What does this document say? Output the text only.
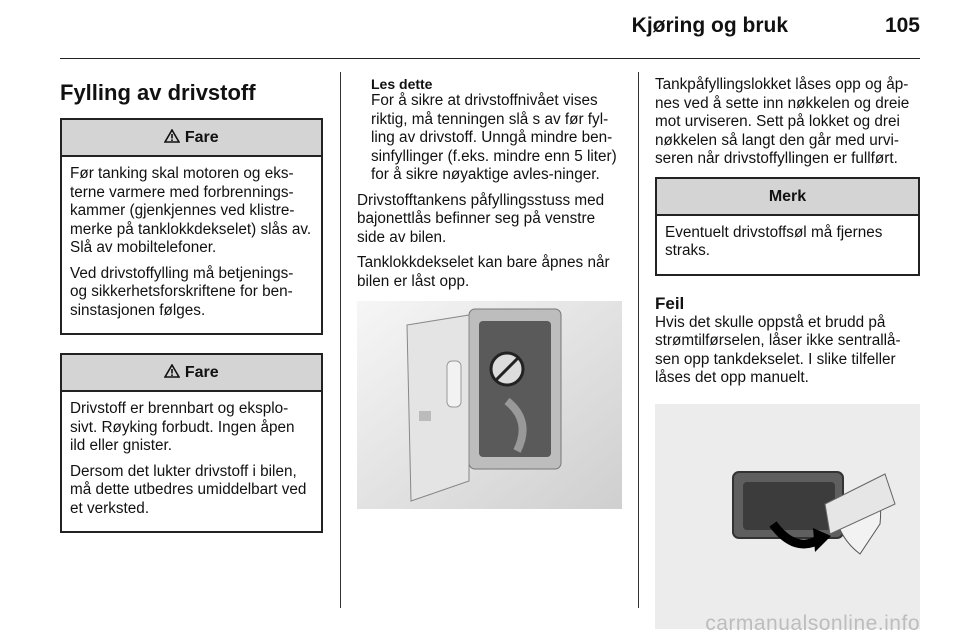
Kjøring og bruk	105
Fylling av drivstoff
Fare

Før tanking skal motoren og eks-terne varmere med forbrennings-kammer (gjenkjennes ved klistre-merke på tanklokkdekselet) slås av. Slå av mobiltelefoner.

Ved drivstoffylling må betjenings- og sikkerhetsforskriftene for ben-sinstasjonen følges.

Fare

Drivstoff er brennbart og eksplo-sivt. Røyking forbudt. Ingen åpen ild eller gnister.

Dersom det lukter drivstoff i bilen, må dette utbedres umiddelbart ved et verksted.

Les dette

For å sikre at drivstoffnivået vises riktig, må tenningen slå s av før fyl-ling av drivstoff. Unngå mindre ben-sinfyllinger (f.eks. mindre enn 5 liter) for å sikre nøyaktige avles-ninger.

Drivstofftankens påfyllingsstuss med bajonettlås befinner seg på venstre side av bilen.

Tanklokkdekselet kan bare åpnes når bilen er låst opp.

Tankpåfyllingslokket låses opp og åp-nes ved å sette inn nøkkelen og dreie mot urviseren. Sett på lokket og drei nøkkelen så langt den går med urvi-seren når drivstoffyllingen er fullført.

Merk

Eventuelt drivstoffsøl må fjernes straks.

Feil

Hvis det skulle oppstå et brudd på strømtilførselen, låser ikke sentrallå-sen opp tankdekselet. I slike tilfeller låses det opp manuelt.

carmanualsonline.info
